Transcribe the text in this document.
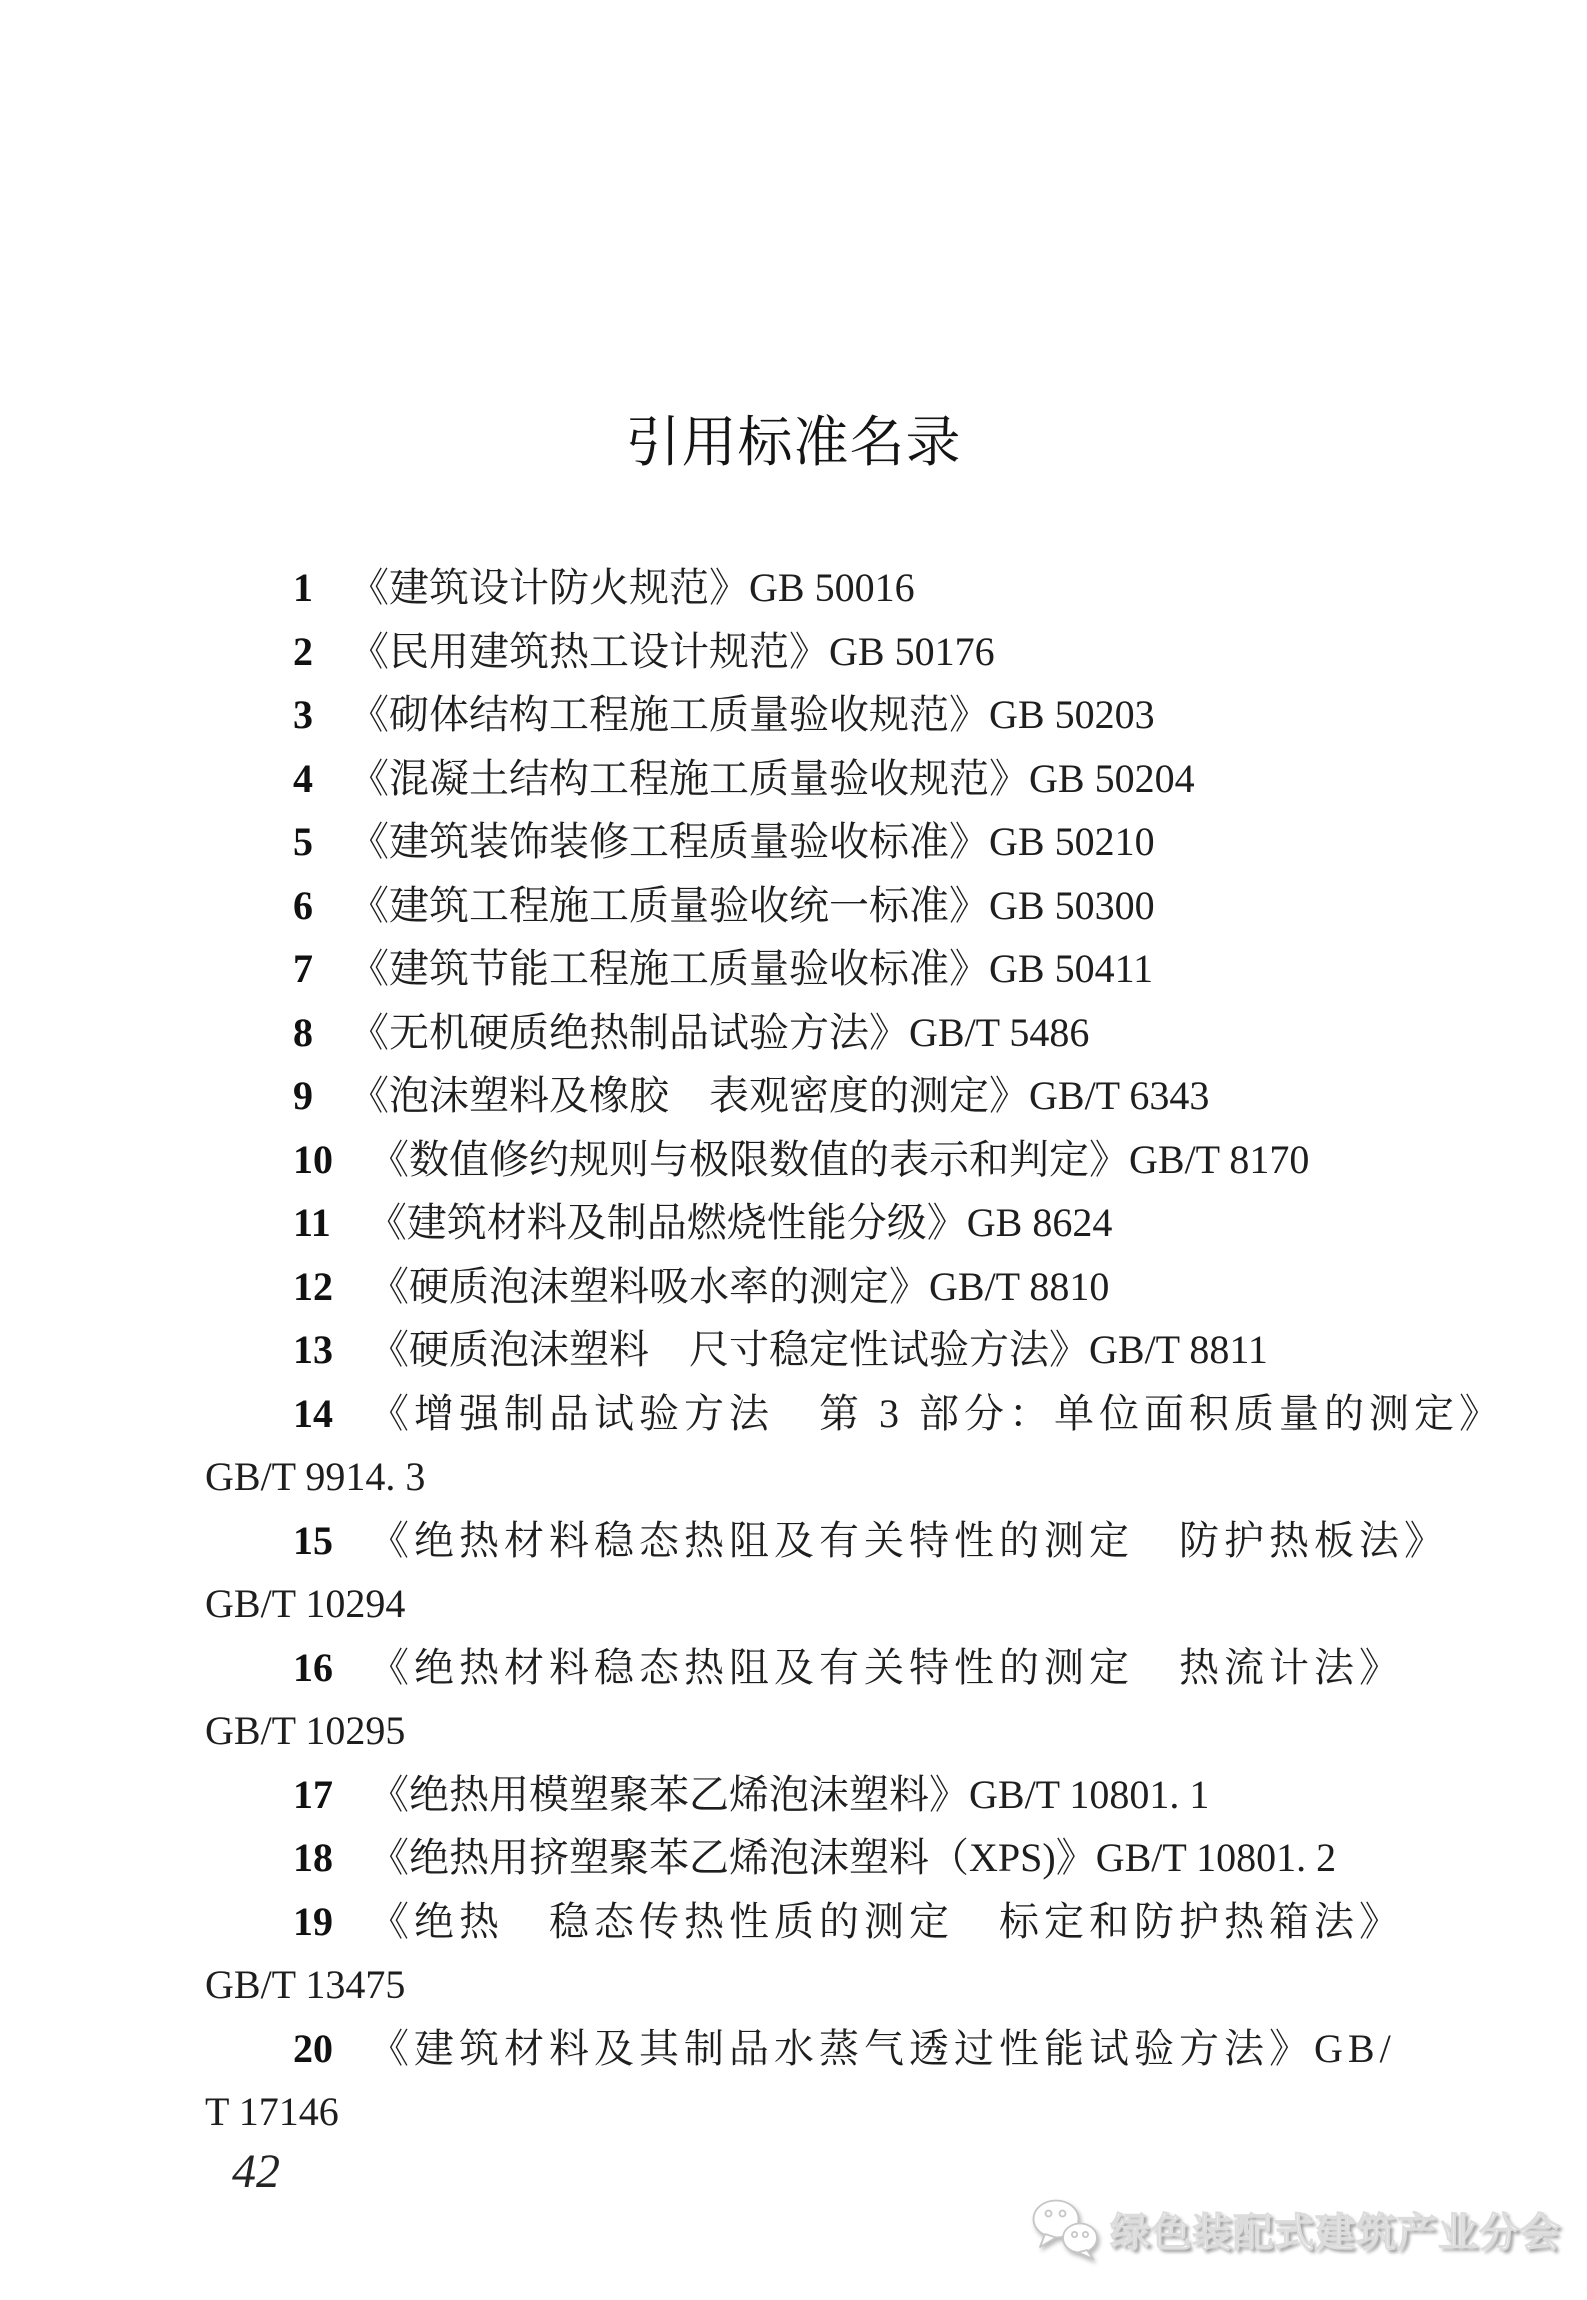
引用标准名录
1 《建筑设计防火规范》GB 50016
2 《民用建筑热工设计规范》GB 50176
3 《砌体结构工程施工质量验收规范》GB 50203
4 《混凝土结构工程施工质量验收规范》GB 50204
5 《建筑装饰装修工程质量验收标准》GB 50210
6 《建筑工程施工质量验收统一标准》GB 50300
7 《建筑节能工程施工质量验收标准》GB 50411
8 《无机硬质绝热制品试验方法》GB/T 5486
9 《泡沫塑料及橡胶　表观密度的测定》GB/T 6343
10 《数值修约规则与极限数值的表示和判定》GB/T 8170
11 《建筑材料及制品燃烧性能分级》GB 8624
12 《硬质泡沫塑料吸水率的测定》GB/T 8810
13 《硬质泡沫塑料　尺寸稳定性试验方法》GB/T 8811
14 《增强制品试验方法　第 3 部分：单位面积质量的测定》
GB/T 9914. 3
15 《绝热材料稳态热阻及有关特性的测定　防护热板法》
GB/T 10294
16 《绝热材料稳态热阻及有关特性的测定　热流计法》
GB/T 10295
17 《绝热用模塑聚苯乙烯泡沫塑料》GB/T 10801. 1
18 《绝热用挤塑聚苯乙烯泡沫塑料（XPS)》GB/T 10801. 2
19 《绝热　稳态传热性质的测定　标定和防护热箱法》
GB/T 13475
20 《建筑材料及其制品水蒸气透过性能试验方法》GB/
T 17146
42
绿色装配式建筑产业分会
